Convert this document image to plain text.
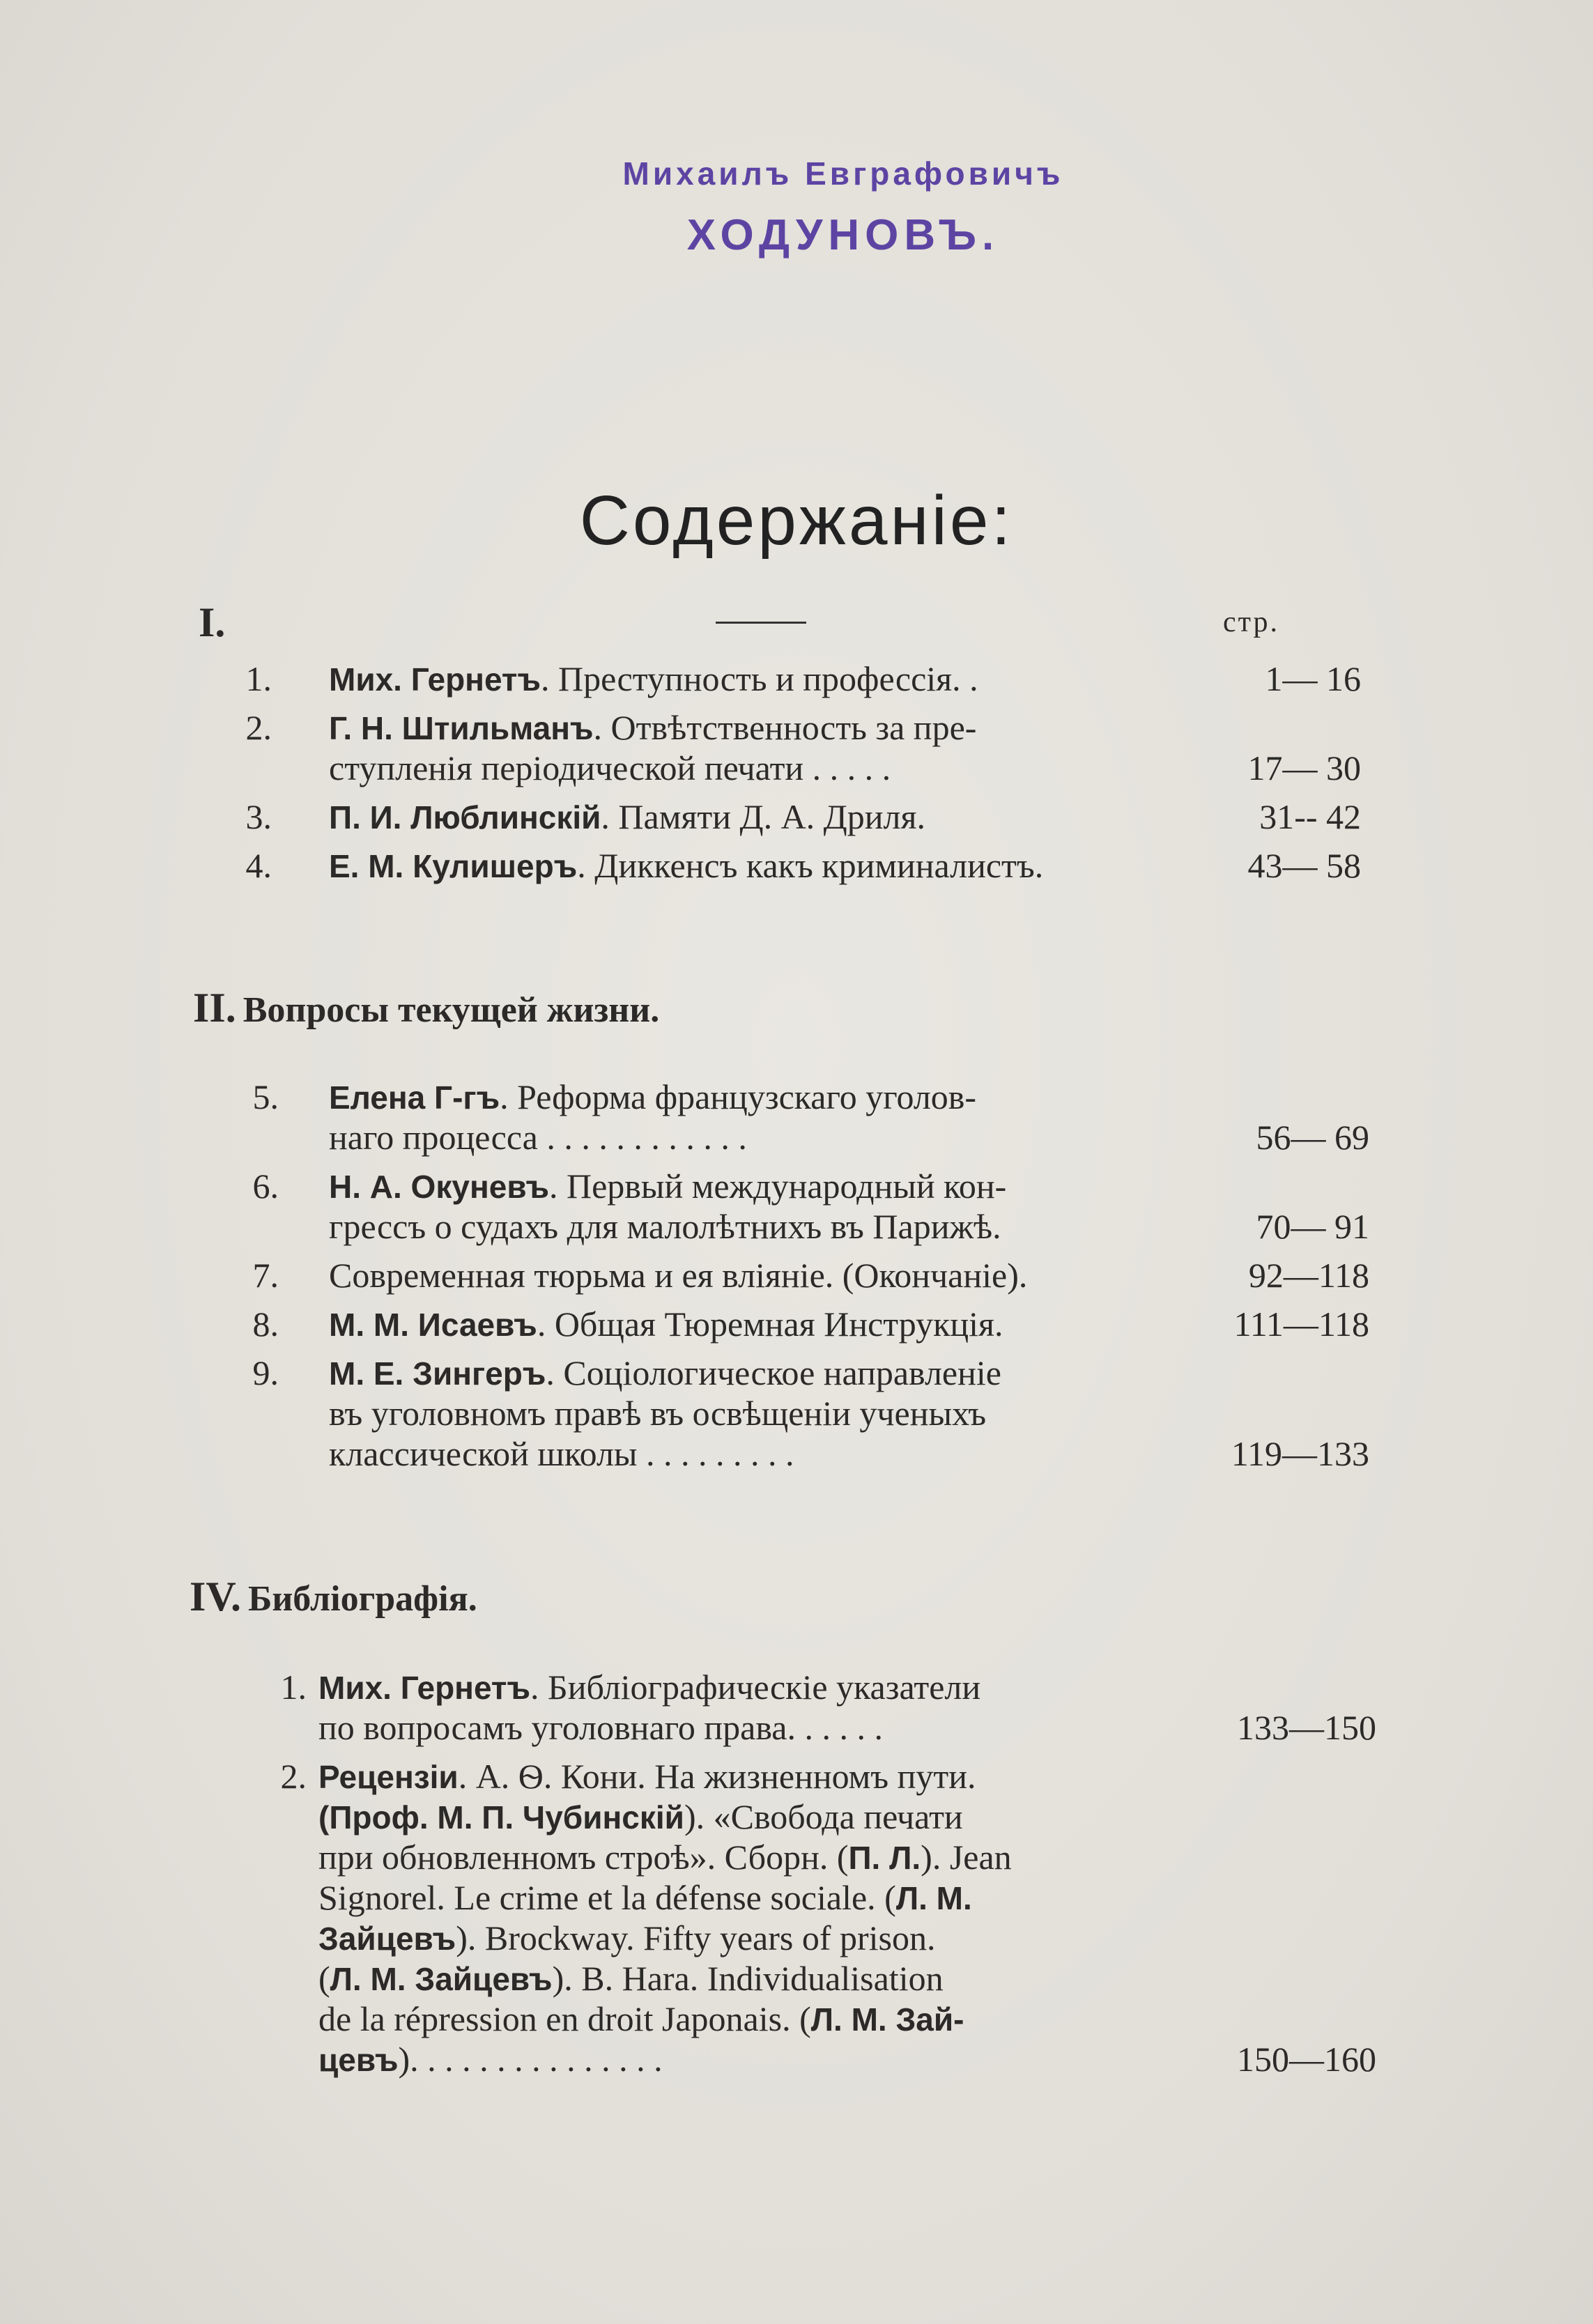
Михаилъ Евграфовичъ
ХОДУНОВЪ.
Содержаніе:
I.	стр.
1. Мих. Гернетъ. Преступность и профессія. .	1— 16
2. Г. Н. Штильманъ. Отвѣтственность за пре-
ступленія періодической печати . . . . .	17— 30
3. П. И. Люблинскій. Памяти Д. А. Дриля.	31-- 42
4. Е. М. Кулишеръ. Диккенсъ какъ криминалистъ.	43— 58
II. Вопросы текущей жизни.
5. Елена Г-гъ. Реформа французскаго уголов-
наго процесса . . . . . . . . . . . .	56— 69
6. Н. А. Окуневъ. Первый международный кон-
грессъ о судахъ для малолѣтнихъ въ Парижѣ.	70— 91
7. Современная тюрьма и ея вліяніе. (Окончаніе).	92—118
8. М. М. Исаевъ. Общая Тюремная Инструкція.	111—118
9. М. Е. Зингеръ. Соціологическое направленіе
въ уголовномъ правѣ въ освѣщеніи ученыхъ
классической школы . . . . . . . . .	119—133
IV. Библіографія.
1. Мих. Гернетъ. Библіографическіе указатели
по вопросамъ уголовнаго права. . . . . .	133—150
2. Рецензіи. А. Ѳ. Кони. На жизненномъ пути.
(Проф. М. П. Чубинскій). «Свобода печати
при обновленномъ строѣ». Сборн. (П. Л.). Jean
Signorel. Le crime et la défense sociale. (Л. М.
Зайцевъ). Brockway. Fifty years of prison.
(Л. М. Зайцевъ). B. Hara. Individualisation
de la répression en droit Japonais. (Л. М. Зай-
цевъ). . . . . . . . . . . . . . .	150—160
